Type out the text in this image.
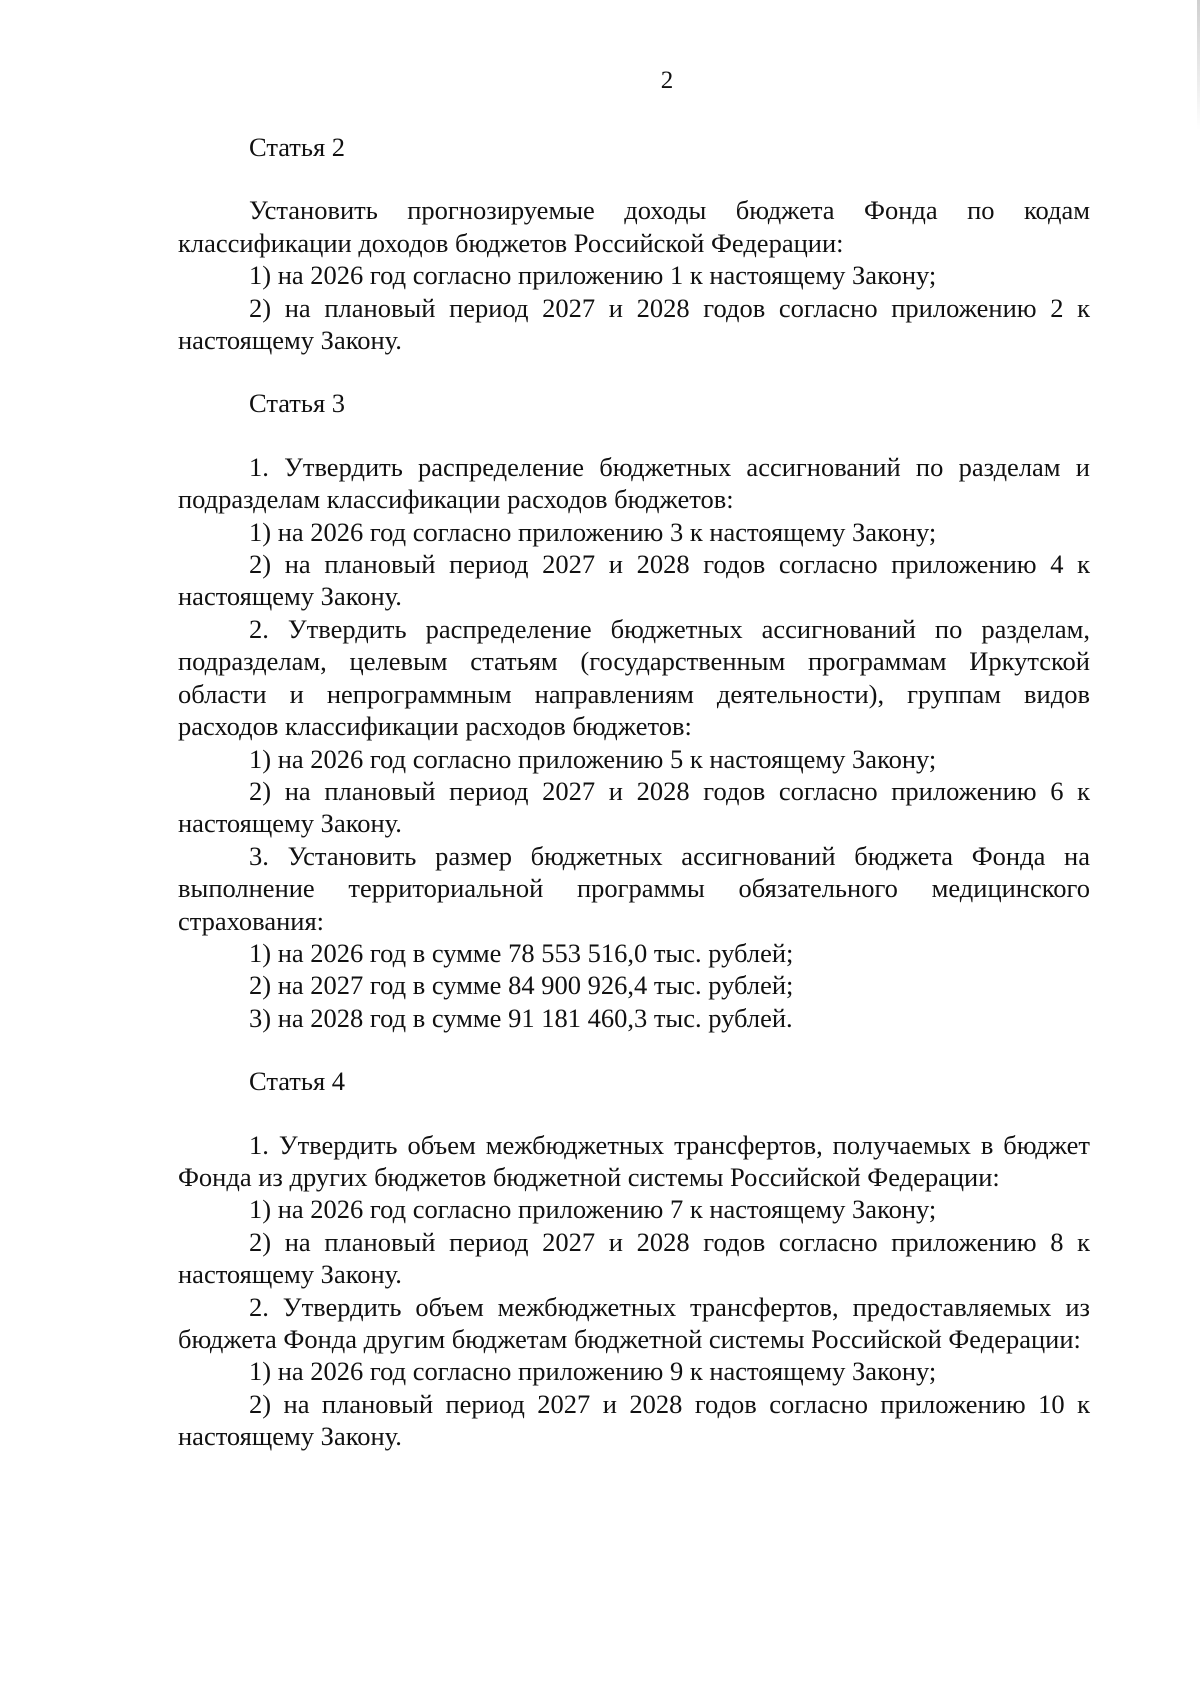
2

Статья 2

Установить прогнозируемые доходы бюджета Фонда по кодам классификации доходов бюджетов Российской Федерации:

1) на 2026 год согласно приложению 1 к настоящему Закону;

2) на плановый период 2027 и 2028 годов согласно приложению 2 к настоящему Закону.

Статья 3

1. Утвердить распределение бюджетных ассигнований по разделам и подразделам классификации расходов бюджетов:

1) на 2026 год согласно приложению 3 к настоящему Закону;

2) на плановый период 2027 и 2028 годов согласно приложению 4 к настоящему Закону.

2. Утвердить распределение бюджетных ассигнований по разделам, подразделам, целевым статьям (государственным программам Иркутской области и непрограммным направлениям деятельности), группам видов расходов классификации расходов бюджетов:

1) на 2026 год согласно приложению 5 к настоящему Закону;

2) на плановый период 2027 и 2028 годов согласно приложению 6 к настоящему Закону.

3. Установить размер бюджетных ассигнований бюджета Фонда на выполнение территориальной программы обязательного медицинского страхования:

1) на 2026 год в сумме 78 553 516,0 тыс. рублей;

2) на 2027 год в сумме 84 900 926,4 тыс. рублей;

3) на 2028 год в сумме 91 181 460,3 тыс. рублей.

Статья 4

1. Утвердить объем межбюджетных трансфертов, получаемых в бюджет Фонда из других бюджетов бюджетной системы Российской Федерации:

1) на 2026 год согласно приложению 7 к настоящему Закону;

2) на плановый период 2027 и 2028 годов согласно приложению 8 к настоящему Закону.

2. Утвердить объем межбюджетных трансфертов, предоставляемых из бюджета Фонда другим бюджетам бюджетной системы Российской Федерации:

1) на 2026 год согласно приложению 9 к настоящему Закону;

2) на плановый период 2027 и 2028 годов согласно приложению 10 к настоящему Закону.
